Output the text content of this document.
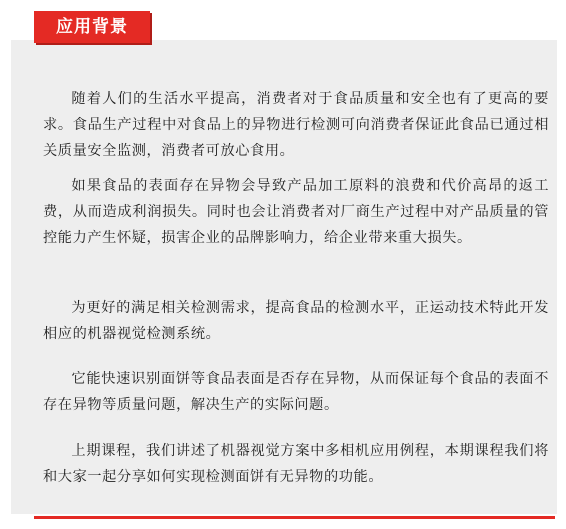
随着人们的生活水平提高，消费者对于食品质量和安全也有了更高的要求。食品生产过程中对食品上的异物进行检测可向消费者保证此食品已通过相关质量安全监测，消费者可放心食用。

如果食品的表面存在异物会导致产品加工原料的浪费和代价高昂的返工费，从而造成利润损失。同时也会让消费者对厂商生产过程中对产品质量的管控能力产生怀疑，损害企业的品牌影响力，给企业带来重大损失。

为更好的满足相关检测需求，提高食品的检测水平，正运动技术特此开发相应的机器视觉检测系统。

它能快速识别面饼等食品表面是否存在异物，从而保证每个食品的表面不存在异物等质量问题，解决生产的实际问题。

上期课程，我们讲述了机器视觉方案中多相机应用例程，本期课程我们将和大家一起分享如何实现检测面饼有无异物的功能。

应用背景
